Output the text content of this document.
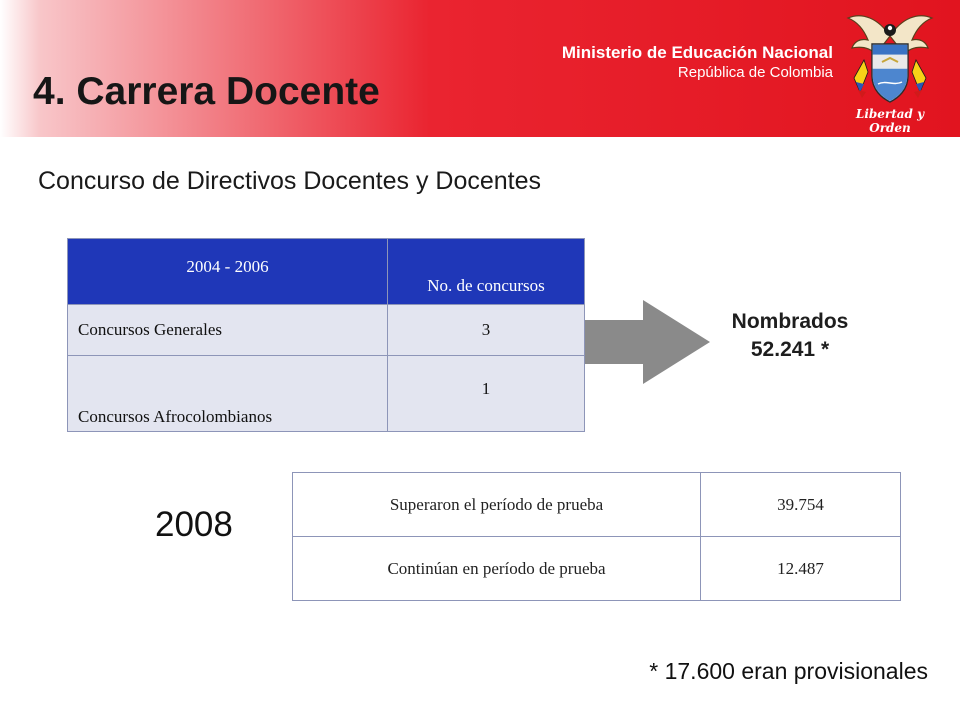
4. Carrera Docente
Ministerio de Educación Nacional
República de Colombia
Libertad y Orden
Concurso de Directivos Docentes y Docentes
2004 - 2006	No. de concursos
Concursos Generales	3
Concursos Afrocolombianos	1
Nombrados
52.241 *
2008
Superaron el período de prueba	39.754
Continúan en período de prueba	12.487
* 17.600 eran provisionales
